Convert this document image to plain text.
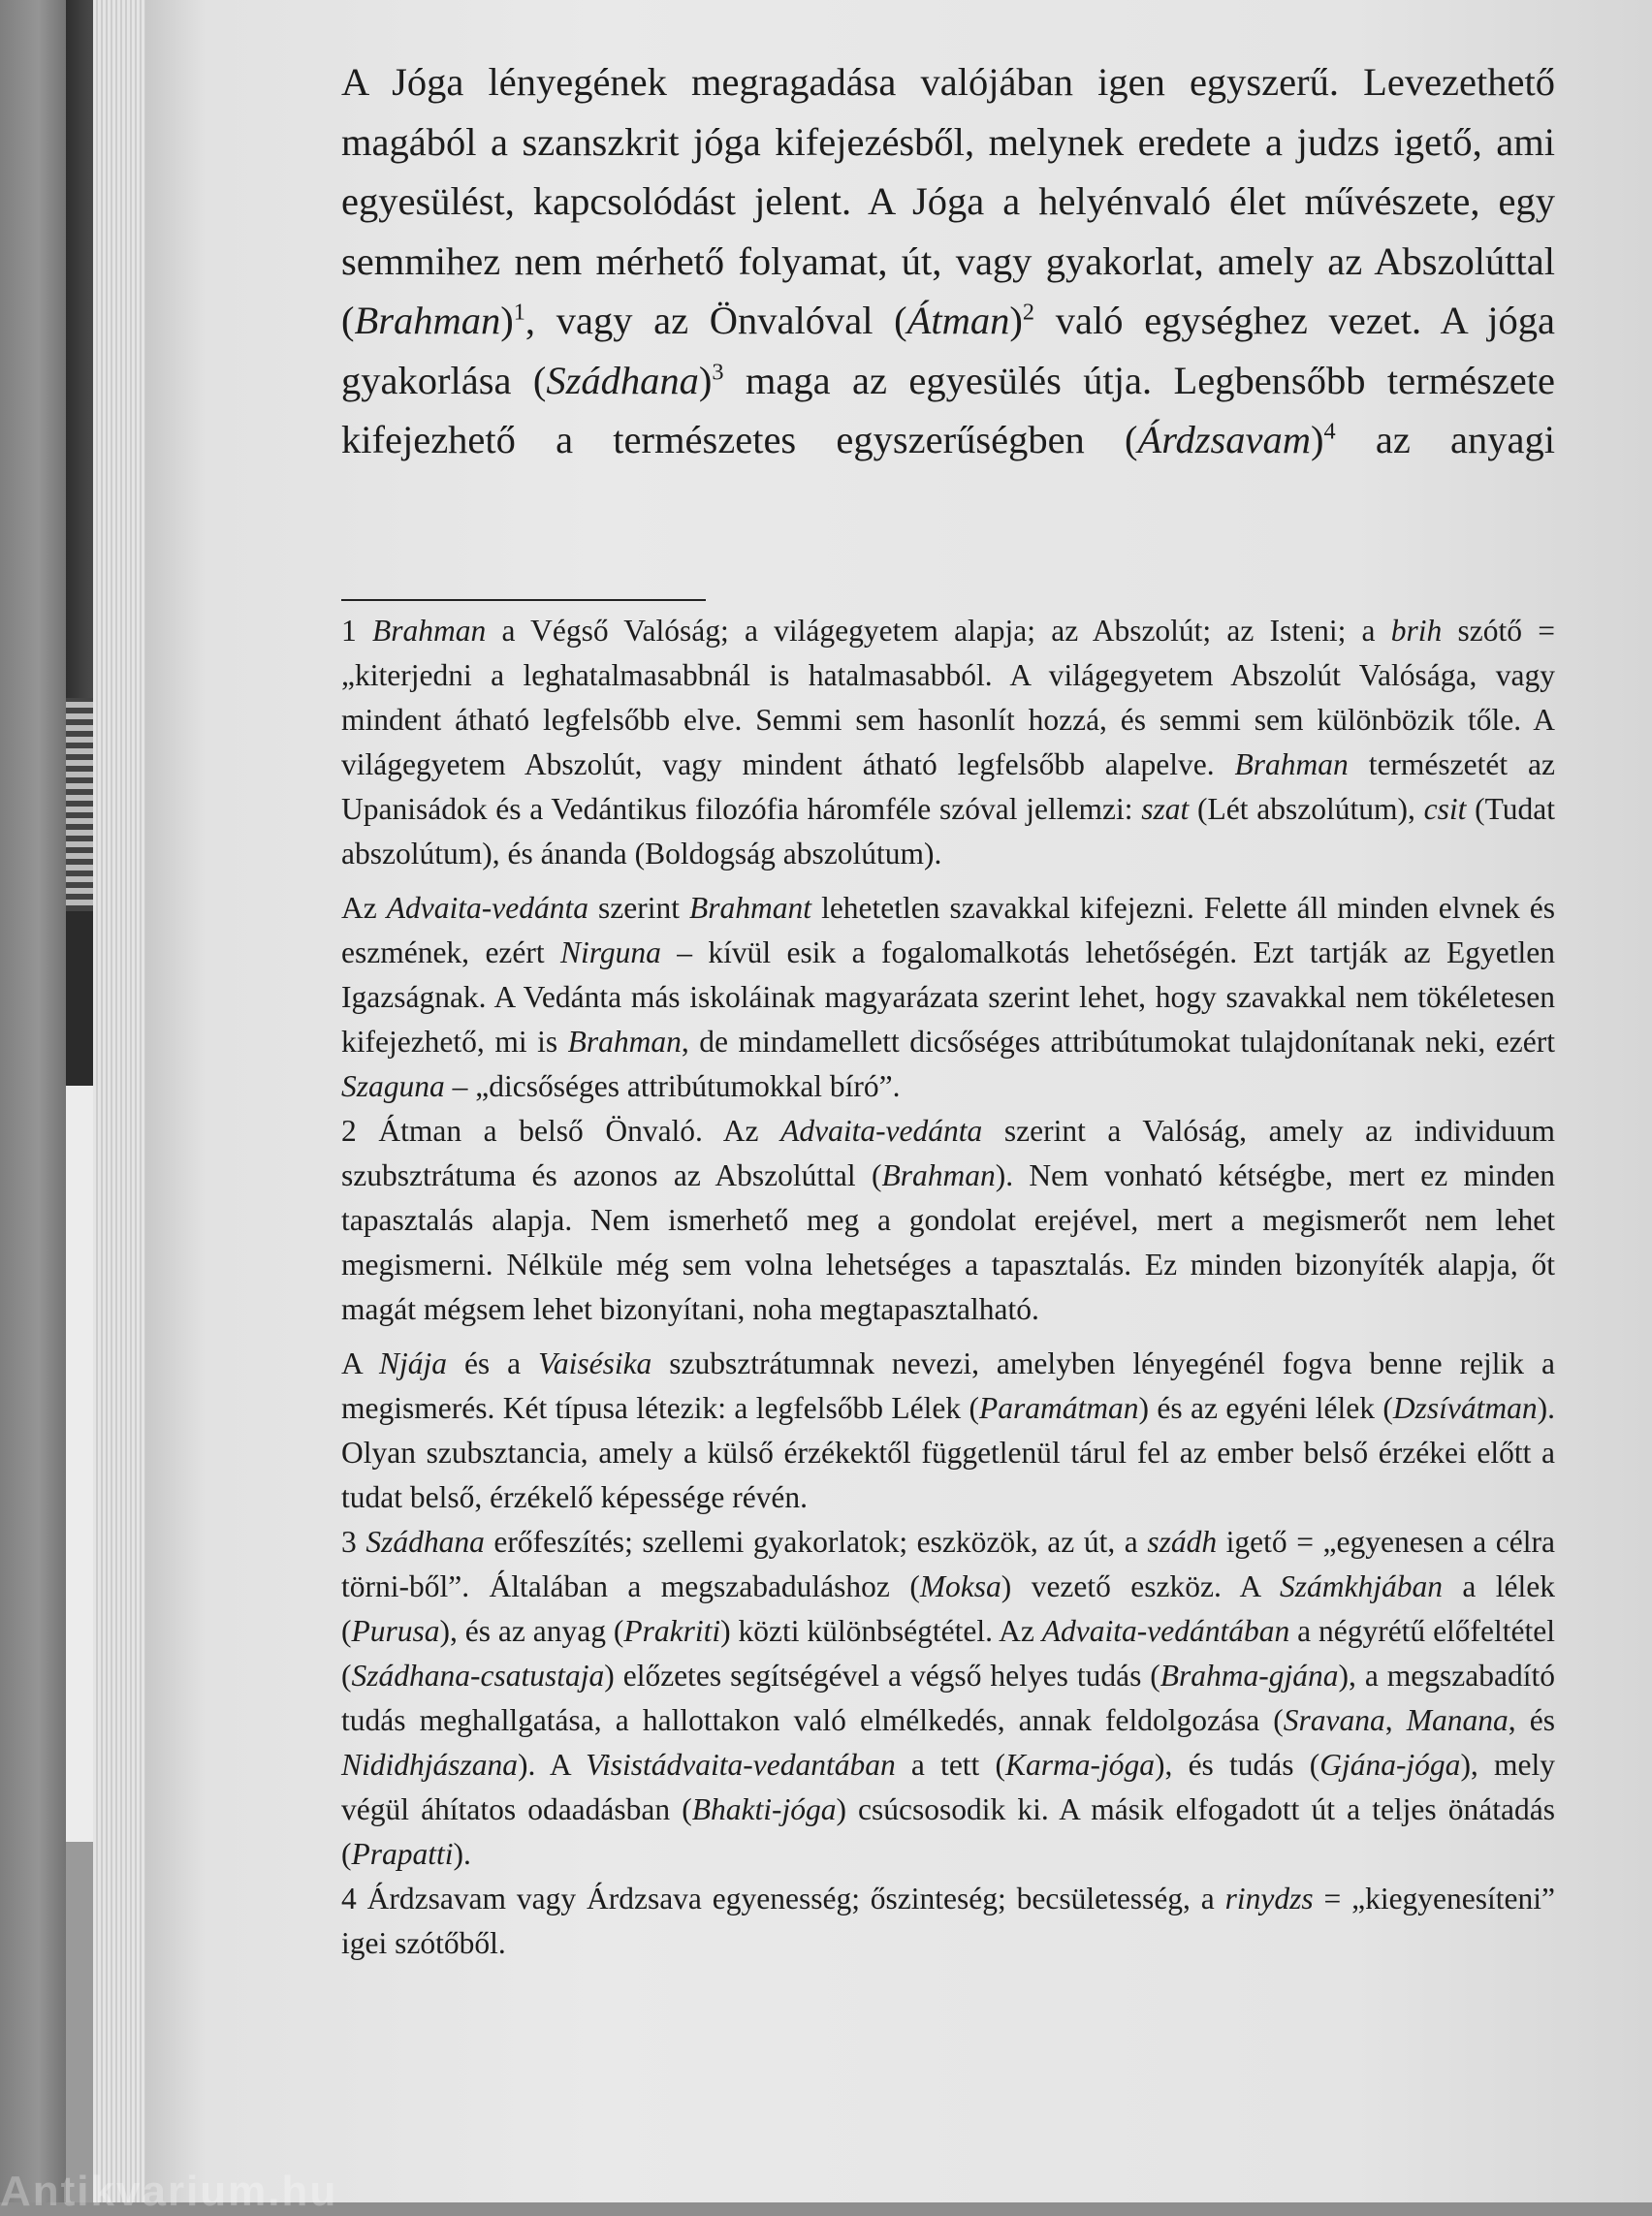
A Jóga lényegének megragadása valójában igen egyszerű. Levezethető magából a szanszkrit jóga kifejezésből, melynek eredete a judzs igető, ami egyesülést, kapcsolódást jelent. A Jóga a helyénvaló élet művészete, egy semmihez nem mérhető folyamat, út, vagy gyakorlat, amely az Abszolúttal (Brahman)$^1$, vagy az Önvalóval (Átman)$^2$ való egységhez vezet. A jóga gyakorlása (Szádhana)$^3$ maga az egyesülés útja. Legbensőbb természete kifejezhető a természetes egyszerűségben (Árdzsavam)$^4$ az anyagi

1 Brahman a Végső Valóság; a világegyetem alapja; az Abszolút; az Isteni; a brih szótő = „kiterjedni a leghatalmasabbnál is hatalmasabból. A világegyetem Abszolút Valósága, vagy mindent átható legfelsőbb elve. Semmi sem hasonlít hozzá, és semmi sem különbözik tőle. A világegyetem Abszolút, vagy mindent átható legfelsőbb alapelve. Brahman természetét az Upanisádok és a Vedántikus filozófia háromféle szóval jellemzi: szat (Lét abszolútum), csit (Tudat abszolútum), és ánanda (Boldogság abszolútum).

Az Advaita-vedánta szerint Brahmant lehetetlen szavakkal kifejezni. Felette áll minden elvnek és eszmének, ezért Nirguna – kívül esik a fogalomalkotás lehetőségén. Ezt tartják az Egyetlen Igazságnak. A Vedánta más iskoláinak magyarázata szerint lehet, hogy szavakkal nem tökéletesen kifejezhető, mi is Brahman, de mindamellett dicsőséges attribútumokat tulajdonítanak neki, ezért Szaguna – „dicsőséges attribútumokkal bíró”.

2 Átman a belső Önvaló. Az Advaita-vedánta szerint a Valóság, amely az individuum szubsztrátuma és azonos az Abszolúttal (Brahman). Nem vonható kétségbe, mert ez minden tapasztalás alapja. Nem ismerhető meg a gondolat erejével, mert a megismerőt nem lehet megismerni. Nélküle még sem volna lehetséges a tapasztalás. Ez minden bizonyíték alapja, őt magát mégsem lehet bizonyítani, noha megtapasztalható.

A Njája és a Vaisésika szubsztrátumnak nevezi, amelyben lényegénél fogva benne rejlik a megismerés. Két típusa létezik: a legfelsőbb Lélek (Paramátman) és az egyéni lélek (Dzsívátman). Olyan szubsztancia, amely a külső érzékektől függetlenül tárul fel az ember belső érzékei előtt a tudat belső, érzékelő képessége révén.

3 Szádhana erőfeszítés; szellemi gyakorlatok; eszközök, az út, a szádh igető = „egyenesen a célra törni-ből”. Általában a megszabaduláshoz (Moksa) vezető eszköz. A Számkhjában a lélek (Purusa), és az anyag (Prakriti) közti különbségtétel. Az Advaita-vedántában a négyrétű előfeltétel (Szádhana-csatustaja) előzetes segítségével a végső helyes tudás (Brahma-gjána), a megszabadító tudás meghallgatása, a hallottakon való elmélkedés, annak feldolgozása (Sravana, Manana, és Nididhjászana). A Visistádvaita-vedantában a tett (Karma-jóga), és tudás (Gjána-jóga), mely végül áhítatos odaadásban (Bhakti-jóga) csúcsosodik ki. A másik elfogadott út a teljes önátadás (Prapatti).

4 Árdzsavam vagy Árdzsava egyenesség; őszinteség; becsületesség, a rinydzs = „kiegyenesíteni” igei szótőből.

Antikvarium.hu
